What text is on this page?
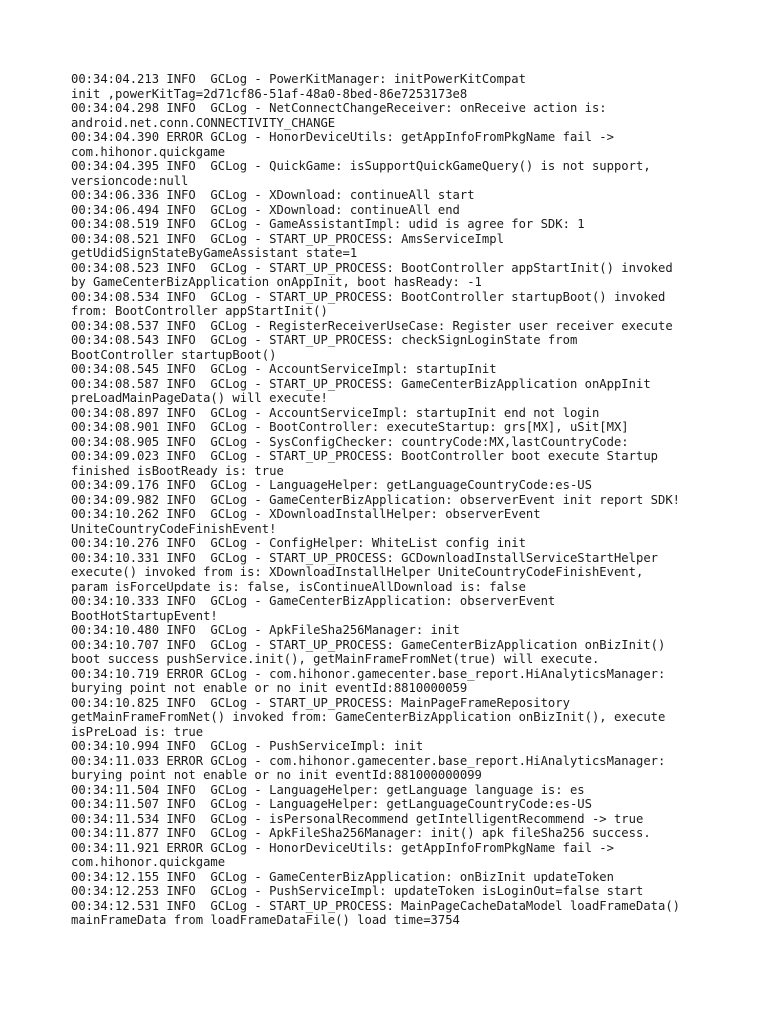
00:34:04.213 INFO  GCLog - PowerKitManager: initPowerKitCompat
init ,powerKitTag=2d71cf86-51af-48a0-8bed-86e7253173e8
00:34:04.298 INFO  GCLog - NetConnectChangeReceiver: onReceive action is:
android.net.conn.CONNECTIVITY_CHANGE
00:34:04.390 ERROR GCLog - HonorDeviceUtils: getAppInfoFromPkgName fail ->
com.hihonor.quickgame
00:34:04.395 INFO  GCLog - QuickGame: isSupportQuickGameQuery() is not support,
versioncode:null
00:34:06.336 INFO  GCLog - XDownload: continueAll start
00:34:06.494 INFO  GCLog - XDownload: continueAll end
00:34:08.519 INFO  GCLog - GameAssistantImpl: udid is agree for SDK: 1
00:34:08.521 INFO  GCLog - START_UP_PROCESS: AmsServiceImpl
getUdidSignStateByGameAssistant state=1
00:34:08.523 INFO  GCLog - START_UP_PROCESS: BootController appStartInit() invoked
by GameCenterBizApplication onAppInit, boot hasReady: -1
00:34:08.534 INFO  GCLog - START_UP_PROCESS: BootController startupBoot() invoked
from: BootController appStartInit()
00:34:08.537 INFO  GCLog - RegisterReceiverUseCase: Register user receiver execute
00:34:08.543 INFO  GCLog - START_UP_PROCESS: checkSignLoginState from
BootController startupBoot()
00:34:08.545 INFO  GCLog - AccountServiceImpl: startupInit
00:34:08.587 INFO  GCLog - START_UP_PROCESS: GameCenterBizApplication onAppInit
preLoadMainPageData() will execute!
00:34:08.897 INFO  GCLog - AccountServiceImpl: startupInit end not login
00:34:08.901 INFO  GCLog - BootController: executeStartup: grs[MX], uSit[MX]
00:34:08.905 INFO  GCLog - SysConfigChecker: countryCode:MX,lastCountryCode:
00:34:09.023 INFO  GCLog - START_UP_PROCESS: BootController boot execute Startup
finished isBootReady is: true
00:34:09.176 INFO  GCLog - LanguageHelper: getLanguageCountryCode:es-US
00:34:09.982 INFO  GCLog - GameCenterBizApplication: observerEvent init report SDK!
00:34:10.262 INFO  GCLog - XDownloadInstallHelper: observerEvent
UniteCountryCodeFinishEvent!
00:34:10.276 INFO  GCLog - ConfigHelper: WhiteList config init
00:34:10.331 INFO  GCLog - START_UP_PROCESS: GCDownloadInstallServiceStartHelper
execute() invoked from is: XDownloadInstallHelper UniteCountryCodeFinishEvent,
param isForceUpdate is: false, isContinueAllDownload is: false
00:34:10.333 INFO  GCLog - GameCenterBizApplication: observerEvent
BootHotStartupEvent!
00:34:10.480 INFO  GCLog - ApkFileSha256Manager: init
00:34:10.707 INFO  GCLog - START_UP_PROCESS: GameCenterBizApplication onBizInit()
boot success pushService.init(), getMainFrameFromNet(true) will execute.
00:34:10.719 ERROR GCLog - com.hihonor.gamecenter.base_report.HiAnalyticsManager:
burying point not enable or no init eventId:8810000059
00:34:10.825 INFO  GCLog - START_UP_PROCESS: MainPageFrameRepository
getMainFrameFromNet() invoked from: GameCenterBizApplication onBizInit(), execute
isPreLoad is: true
00:34:10.994 INFO  GCLog - PushServiceImpl: init
00:34:11.033 ERROR GCLog - com.hihonor.gamecenter.base_report.HiAnalyticsManager:
burying point not enable or no init eventId:881000000099
00:34:11.504 INFO  GCLog - LanguageHelper: getLanguage language is: es
00:34:11.507 INFO  GCLog - LanguageHelper: getLanguageCountryCode:es-US
00:34:11.534 INFO  GCLog - isPersonalRecommend getIntelligentRecommend -> true
00:34:11.877 INFO  GCLog - ApkFileSha256Manager: init() apk fileSha256 success.
00:34:11.921 ERROR GCLog - HonorDeviceUtils: getAppInfoFromPkgName fail ->
com.hihonor.quickgame
00:34:12.155 INFO  GCLog - GameCenterBizApplication: onBizInit updateToken
00:34:12.253 INFO  GCLog - PushServiceImpl: updateToken isLoginOut=false start
00:34:12.531 INFO  GCLog - START_UP_PROCESS: MainPageCacheDataModel loadFrameData()
mainFrameData from loadFrameDataFile() load time=3754
